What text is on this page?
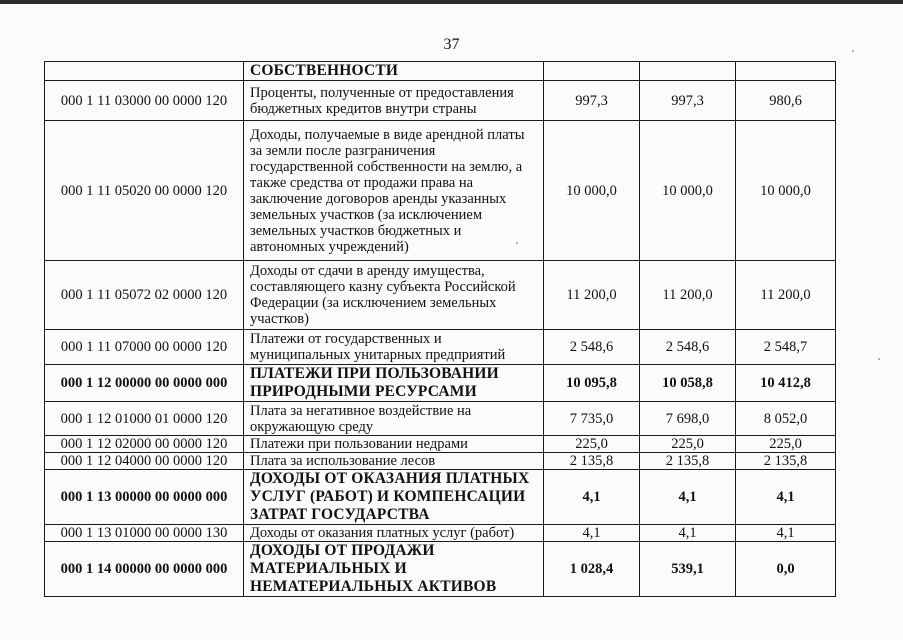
37
	СОБСТВЕННОСТИ			
000 1 11 03000 00 0000 120	Проценты, полученные от предоставления бюджетных кредитов внутри страны	997,3	997,3	980,6
000 1 11 05020 00 0000 120	Доходы, получаемые в виде арендной платы за земли после разграничения государственной собственности на землю, а также средства от продажи права на заключение договоров аренды указанных земельных участков (за исключением земельных участков бюджетных и автономных учреждений)	10 000,0	10 000,0	10 000,0
000 1 11 05072 02 0000 120	Доходы от сдачи в аренду имущества, составляющего казну субъекта Российской Федерации (за исключением земельных участков)	11 200,0	11 200,0	11 200,0
000 1 11 07000 00 0000 120	Платежи от государственных и муниципальных унитарных предприятий	2 548,6	2 548,6	2 548,7
000 1 12 00000 00 0000 000	ПЛАТЕЖИ ПРИ ПОЛЬЗОВАНИИ ПРИРОДНЫМИ РЕСУРСАМИ	10 095,8	10 058,8	10 412,8
000 1 12 01000 01 0000 120	Плата за негативное воздействие на окружающую среду	7 735,0	7 698,0	8 052,0
000 1 12 02000 00 0000 120	Платежи при пользовании недрами	225,0	225,0	225,0
000 1 12 04000 00 0000 120	Плата за использование лесов	2 135,8	2 135,8	2 135,8
000 1 13 00000 00 0000 000	ДОХОДЫ ОТ ОКАЗАНИЯ ПЛАТНЫХ УСЛУГ (РАБОТ) И КОМПЕНСАЦИИ ЗАТРАТ ГОСУДАРСТВА	4,1	4,1	4,1
000 1 13 01000 00 0000 130	Доходы от оказания платных услуг (работ)	4,1	4,1	4,1
000 1 14 00000 00 0000 000	ДОХОДЫ ОТ ПРОДАЖИ МАТЕРИАЛЬНЫХ И НЕМАТЕРИАЛЬНЫХ АКТИВОВ	1 028,4	539,1	0,0
